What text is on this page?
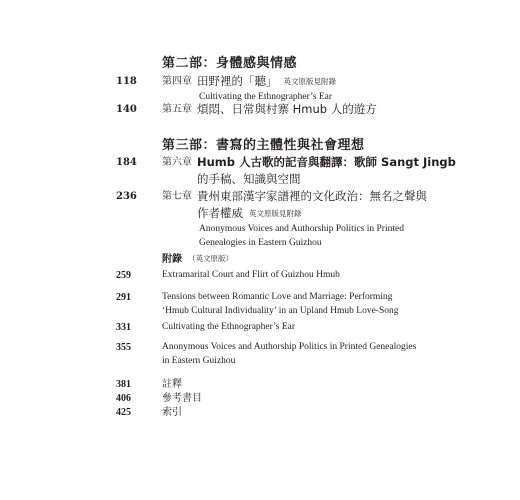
第二部：身體感與情感
118	第四章 田野裡的「聽」 英文原版見附錄
Cultivating the Ethnographer’s Ear
140	第五章 煩悶、日常與村寨 Hmub 人的遊方
第三部：書寫的主體性與社會理想
184	第六章 Humb 人古歌的記音與翻譯：歌師 Sangt Jingb
的手稿、知識與空間
236	第七章 貴州東部漢字家譜裡的文化政治：無名之聲與
作者權威 英文原版見附錄
Anonymous Voices and Authorship Politics in Printed
Genealogies in Eastern Guizhou
附錄 （英文原版）
259	Extramarital Court and Flirt of Guizhou Hmub
291	Tensions between Romantic Love and Marriage: Performing
‘Hmub Cultural Individuality’ in an Upland Hmub Love-Song
331	Cultivating the Ethnographer’s Ear
355	Anonymous Voices and Authorship Politics in Printed Genealogies
in Eastern Guizhou
381	註釋
406	參考書目
425	索引
